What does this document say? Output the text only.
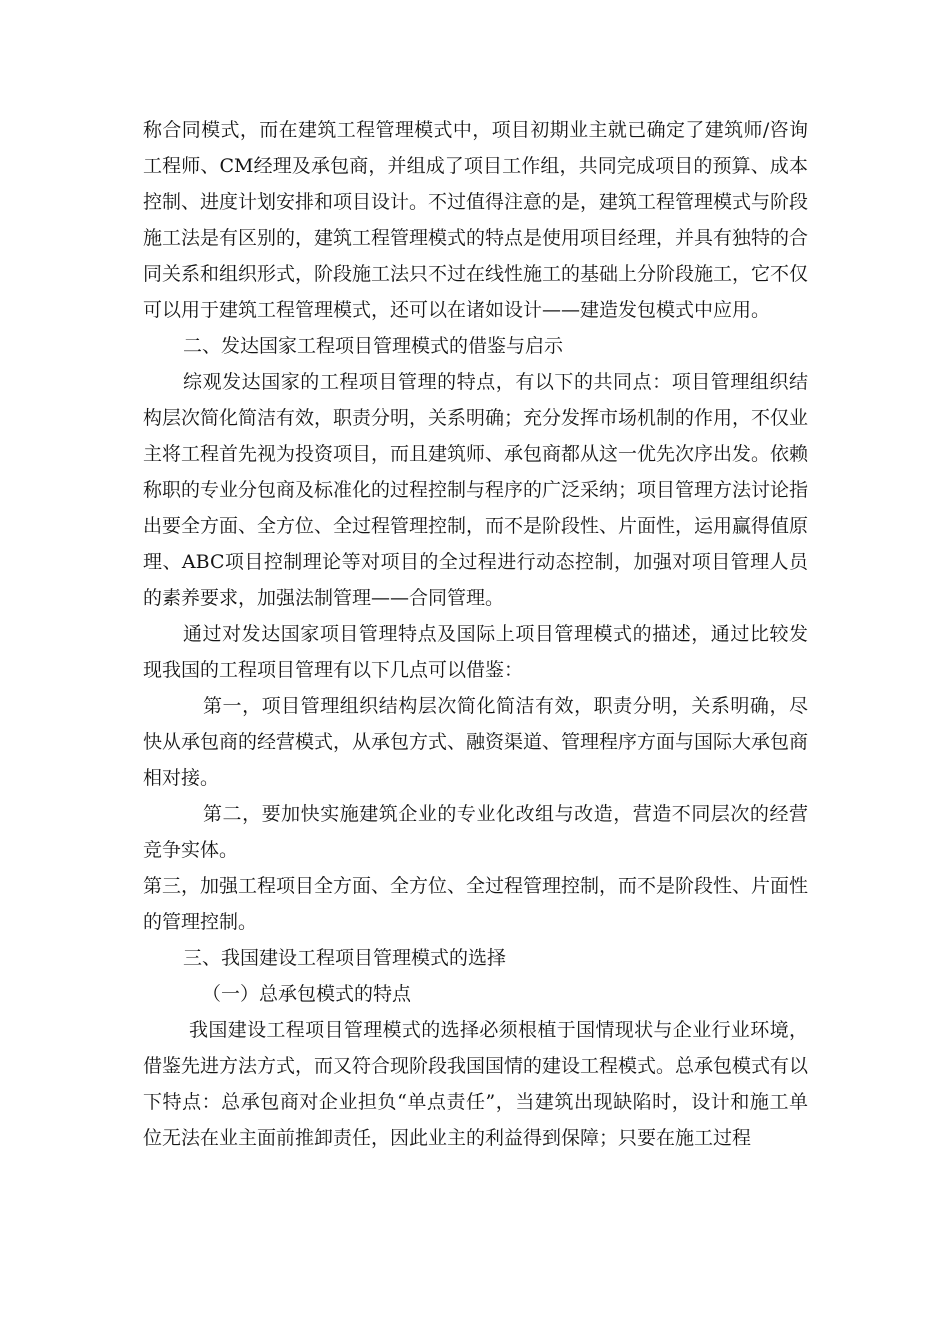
称合同模式，而在建筑工程管理模式中，项目初期业主就已确定了建筑师/咨询工程师、CM经理及承包商，并组成了项目工作组，共同完成项目的预算、成本控制、进度计划安排和项目设计。不过值得注意的是，建筑工程管理模式与阶段施工法是有区别的，建筑工程管理模式的特点是使用项目经理，并具有独特的合同关系和组织形式，阶段施工法只不过在线性施工的基础上分阶段施工，它不仅可以用于建筑工程管理模式，还可以在诸如设计——建造发包模式中应用。

二、发达国家工程项目管理模式的借鉴与启示

综观发达国家的工程项目管理的特点，有以下的共同点：项目管理组织结构层次简化简洁有效，职责分明，关系明确；充分发挥市场机制的作用，不仅业主将工程首先视为投资项目，而且建筑师、承包商都从这一优先次序出发。依赖称职的专业分包商及标准化的过程控制与程序的广泛采纳；项目管理方法讨论指出要全方面、全方位、全过程管理控制，而不是阶段性、片面性，运用赢得值原理、ABC项目控制理论等对项目的全过程进行动态控制，加强对项目管理人员的素养要求，加强法制管理——合同管理。

通过对发达国家项目管理特点及国际上项目管理模式的描述，通过比较发现我国的工程项目管理有以下几点可以借鉴：

第一，项目管理组织结构层次简化简洁有效，职责分明，关系明确，尽快从承包商的经营模式，从承包方式、融资渠道、管理程序方面与国际大承包商相对接。

第二，要加快实施建筑企业的专业化改组与改造，营造不同层次的经营竞争实体。

第三，加强工程项目全方面、全方位、全过程管理控制，而不是阶段性、片面性的管理控制。

三、我国建设工程项目管理模式的选择

（一）总承包模式的特点

我国建设工程项目管理模式的选择必须根植于国情现状与企业行业环境，借鉴先进方法方式，而又符合现阶段我国国情的建设工程模式。总承包模式有以下特点：总承包商对企业担负“单点责任”，当建筑出现缺陷时，设计和施工单位无法在业主面前推卸责任，因此业主的利益得到保障；只要在施工过程
